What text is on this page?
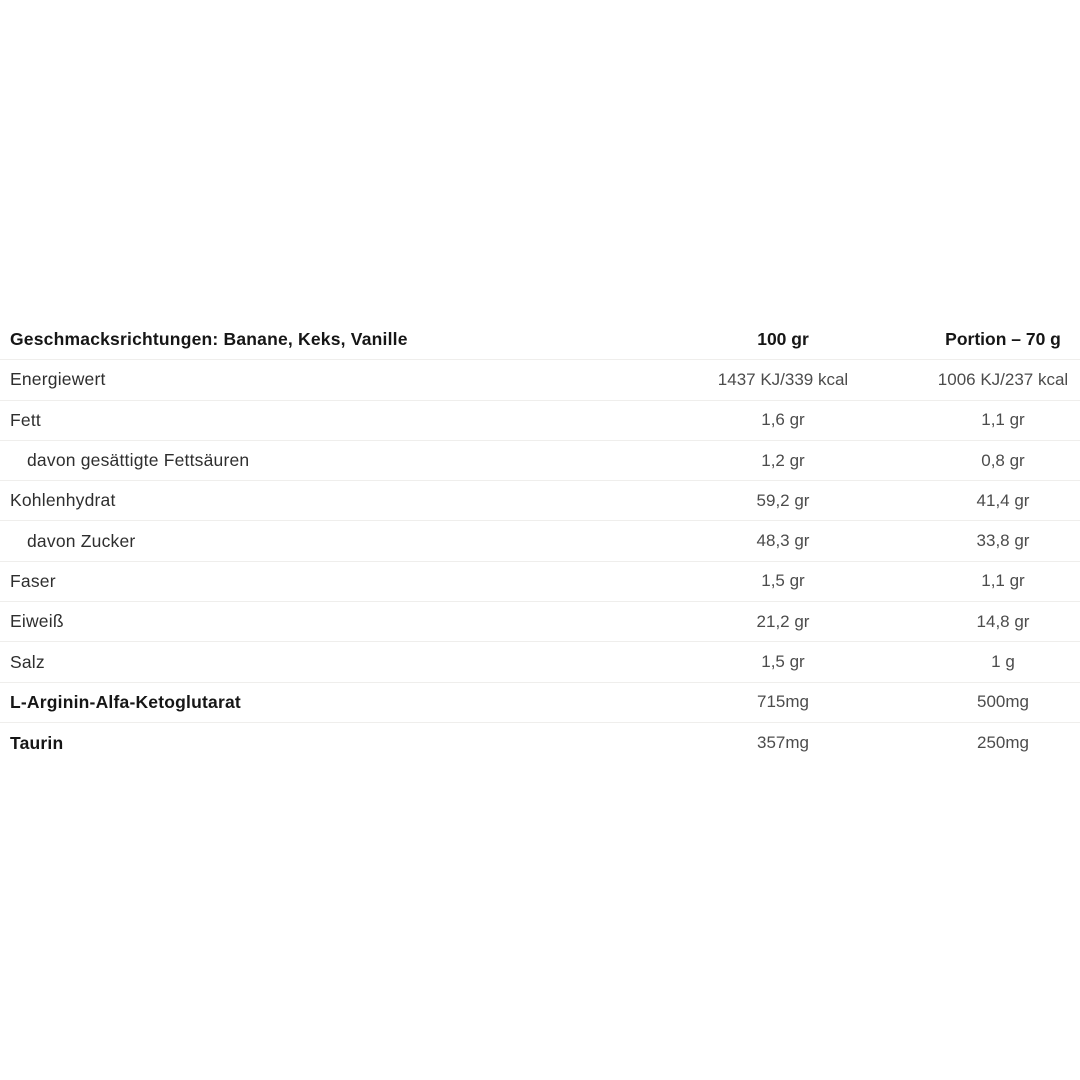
Geschmacksrichtungen: Banane, Keks, Vanille	100 gr	Portion – 70 g
Energiewert	1437 KJ/339 kcal	1006 KJ/237 kcal
Fett	1,6 gr	1,1 gr
davon gesättigte Fettsäuren	1,2 gr	0,8 gr
Kohlenhydrat	59,2 gr	41,4 gr
davon Zucker	48,3 gr	33,8 gr
Faser	1,5 gr	1,1 gr
Eiweiß	21,2 gr	14,8 gr
Salz	1,5 gr	1 g
L-Arginin-Alfa-Ketoglutarat	715mg	500mg
Taurin	357mg	250mg
